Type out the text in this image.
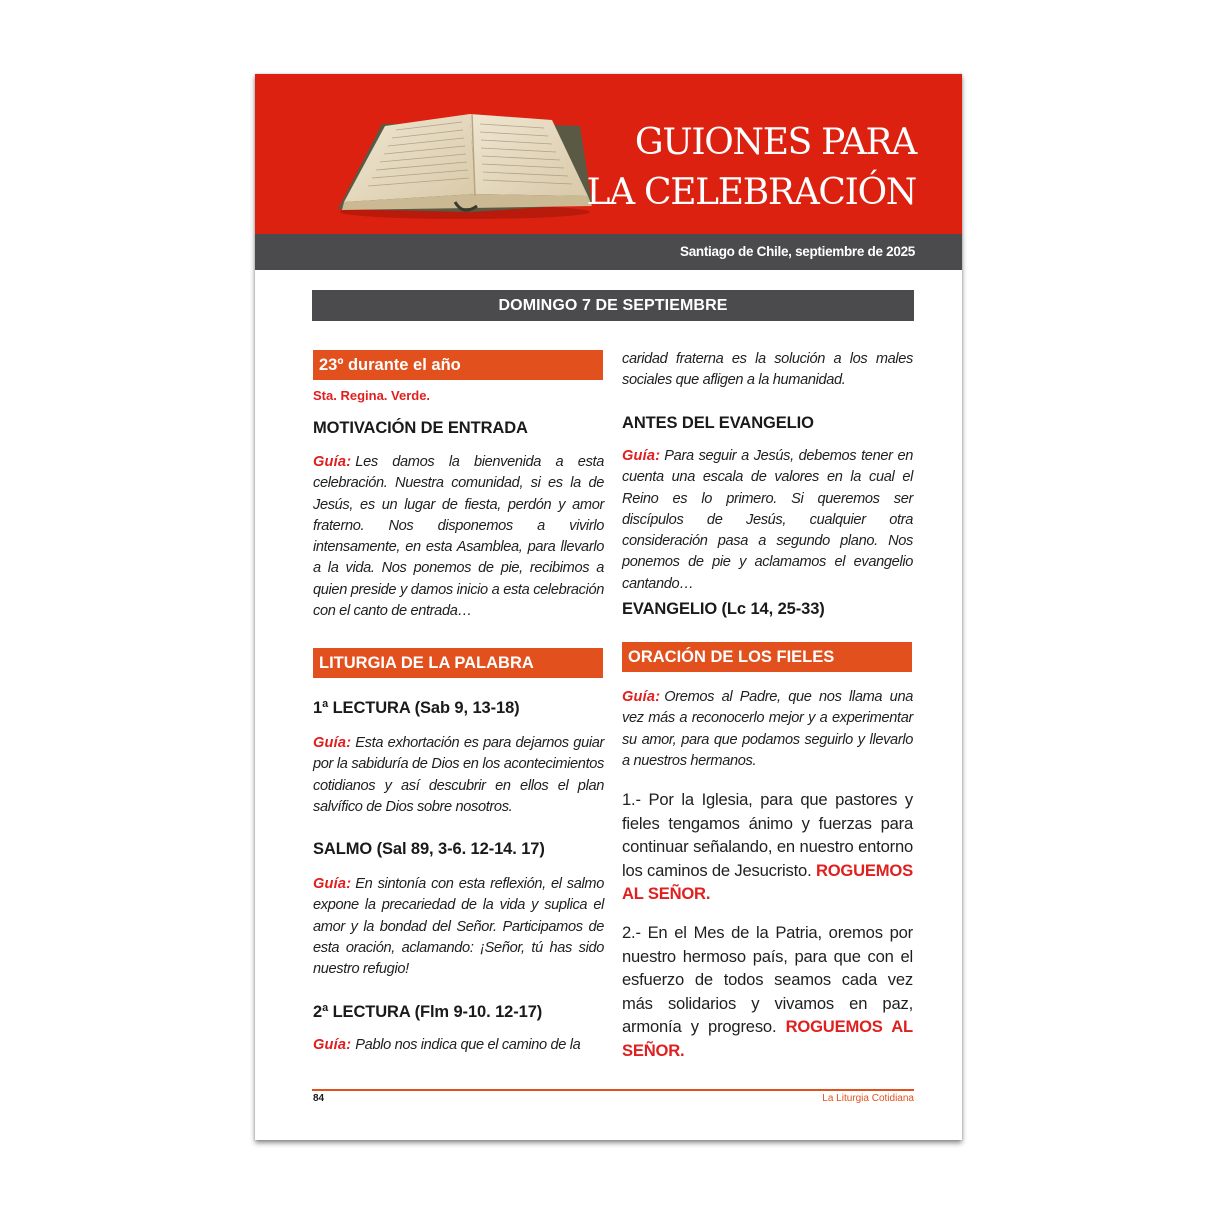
GUIONES PARA
LA CELEBRACIÓN
Santiago de Chile, septiembre de 2025
DOMINGO 7 DE SEPTIEMBRE
23º durante el año
Sta. Regina. Verde.
MOTIVACIÓN DE ENTRADA
Guía: Les damos la bienvenida a esta celebración. Nuestra comunidad, si es la de Jesús, es un lugar de fiesta, perdón y amor fraterno. Nos disponemos a vivirlo intensamente, en esta Asamblea, para llevarlo a la vida. Nos ponemos de pie, recibimos a quien preside y damos inicio a esta celebración con el canto de entrada…
LITURGIA DE LA PALABRA
1ª LECTURA (Sab 9, 13-18)
Guía: Esta exhortación es para dejarnos guiar por la sabiduría de Dios en los acontecimientos cotidianos y así descubrir en ellos el plan salvífico de Dios sobre nosotros.
SALMO (Sal 89, 3-6. 12-14. 17)
Guía: En sintonía con esta reflexión, el salmo expone la precariedad de la vida y suplica el amor y la bondad del Señor. Participamos de esta oración, aclamando: ¡Señor, tú has sido nuestro refugio!
2ª LECTURA (Flm 9-10. 12-17)
Guía: Pablo nos indica que el camino de la
caridad fraterna es la solución a los males sociales que afligen a la humanidad.
ANTES DEL EVANGELIO
Guía: Para seguir a Jesús, debemos tener en cuenta una escala de valores en la cual el Reino es lo primero. Si queremos ser discípulos de Jesús, cualquier otra consideración pasa a segundo plano. Nos ponemos de pie y aclamamos el evangelio cantando…
EVANGELIO (Lc 14, 25-33)
ORACIÓN DE LOS FIELES
Guía: Oremos al Padre, que nos llama una vez más a reconocerlo mejor y a experimentar su amor, para que podamos seguirlo y llevarlo a nuestros hermanos.
1.- Por la Iglesia, para que pastores y fieles tengamos ánimo y fuerzas para continuar señalando, en nuestro entorno los caminos de Jesucristo. ROGUEMOS AL SEÑOR.
2.- En el Mes de la Patria, oremos por nuestro hermoso país, para que con el esfuerzo de todos seamos cada vez más solidarios y vivamos en paz, armonía y progreso. ROGUEMOS AL SEÑOR.
84	La Liturgia Cotidiana
